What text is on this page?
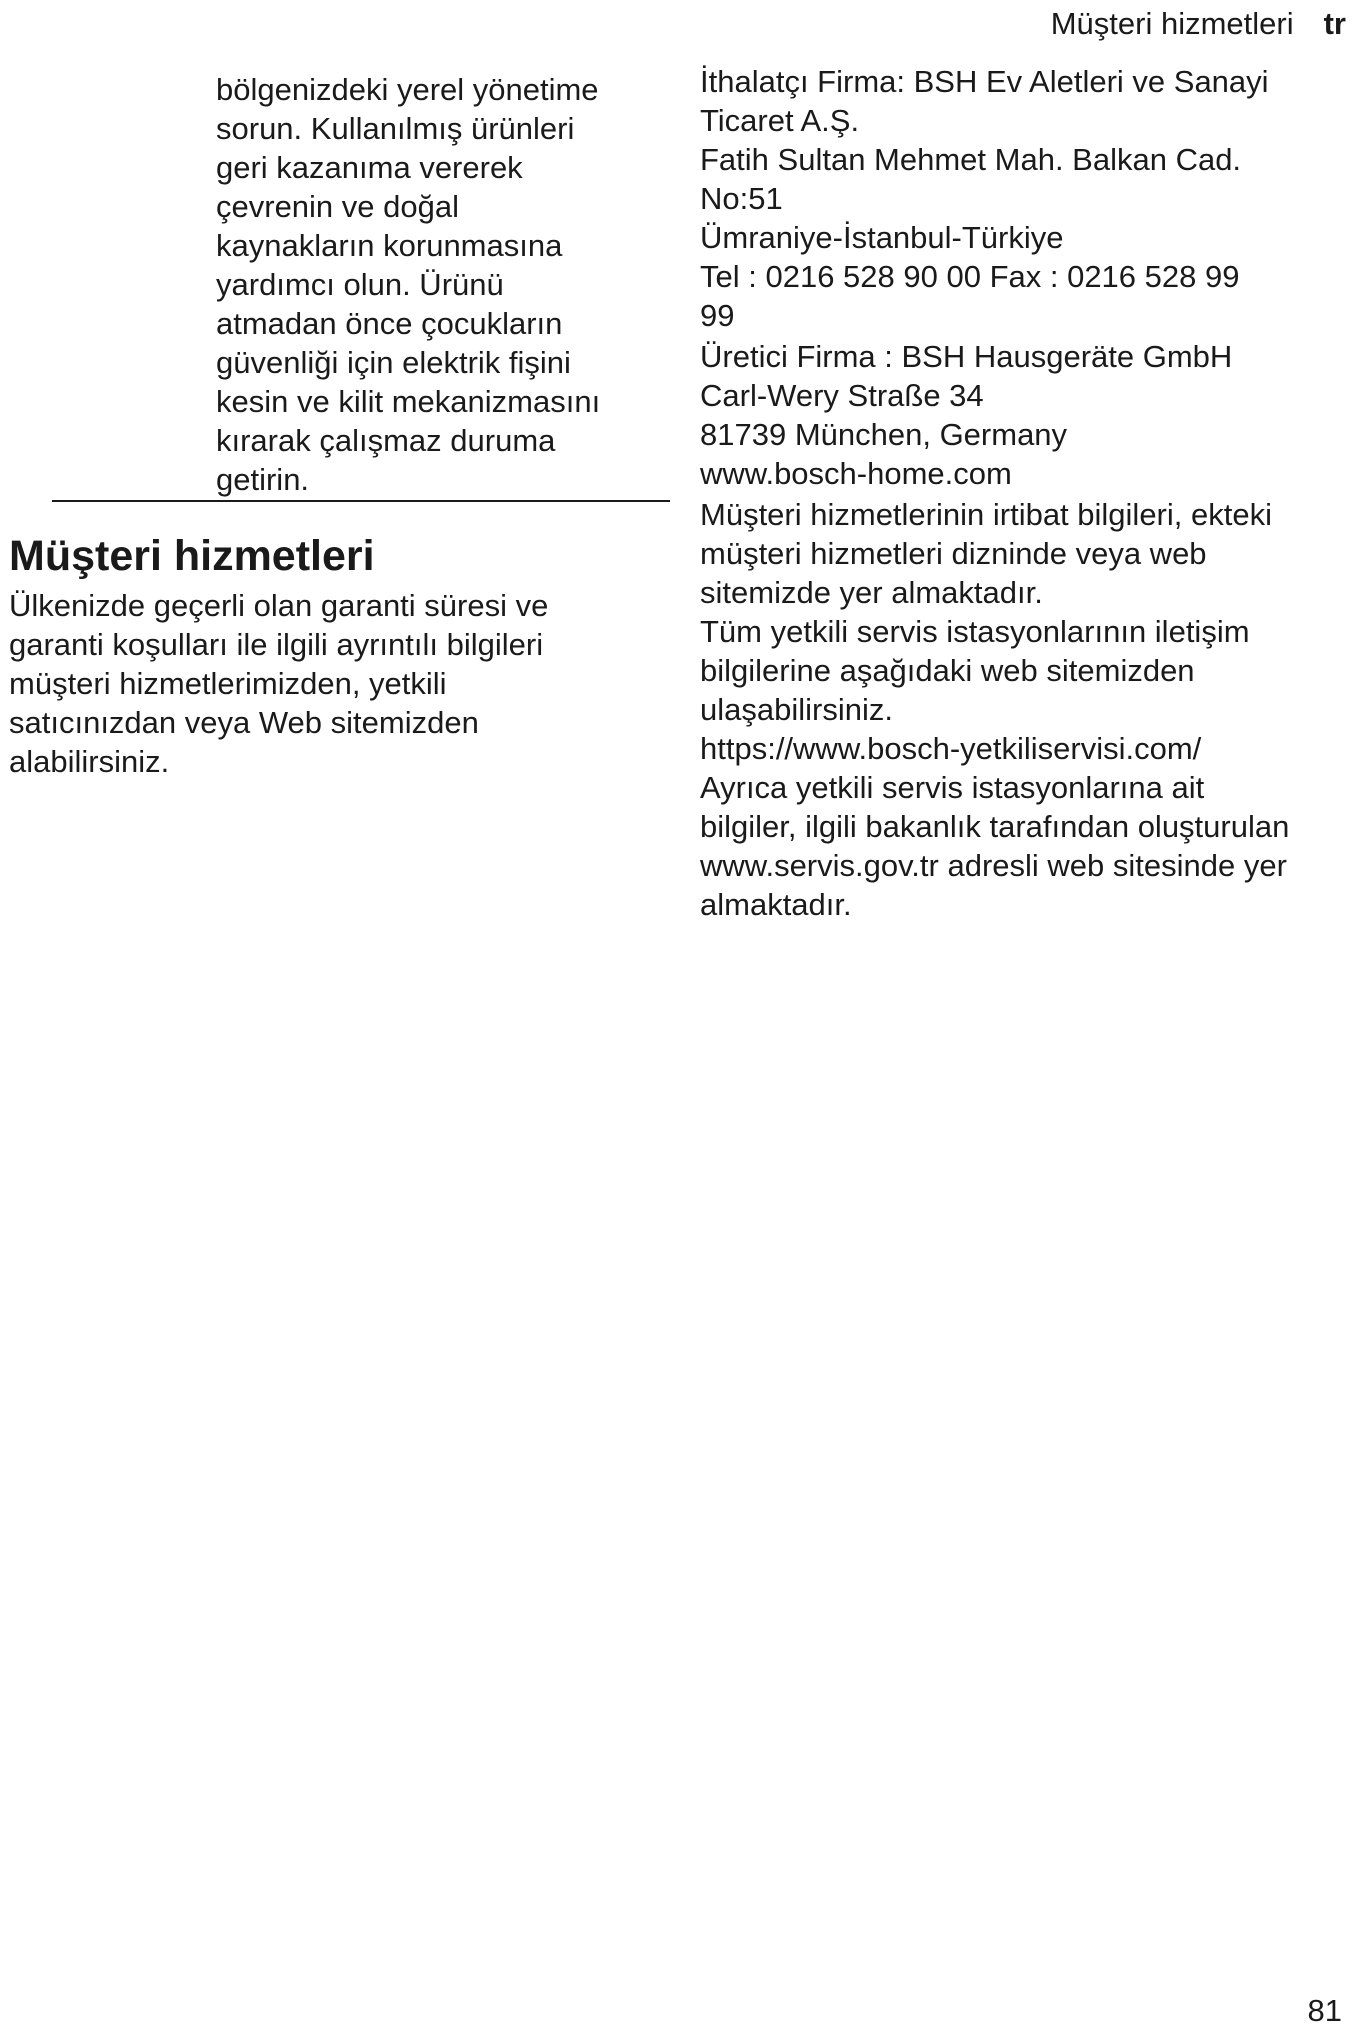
Müşteri hizmetleri tr
bölgenizdeki yerel yönetime
sorun. Kullanılmış ürünleri
geri kazanıma vererek
çevrenin ve doğal
kaynakların korunmasına
yardımcı olun. Ürünü
atmadan önce çocukların
güvenliği için elektrik fişini
kesin ve kilit mekanizmasını
kırarak çalışmaz duruma
getirin.
Müşteri hizmetleri
Ülkenizde geçerli olan garanti süresi ve
garanti koşulları ile ilgili ayrıntılı bilgileri
müşteri hizmetlerimizden, yetkili
satıcınızdan veya Web sitemizden
alabilirsiniz.
İthalatçı Firma: BSH Ev Aletleri ve Sanayi
Ticaret A.Ş.
Fatih Sultan Mehmet Mah. Balkan Cad.
No:51
Ümraniye-İstanbul-Türkiye
Tel : 0216 528 90 00 Fax : 0216 528 99
99
Üretici Firma : BSH Hausgeräte GmbH
Carl-Wery Straße 34
81739 München, Germany
www.bosch-home.com
Müşteri hizmetlerinin irtibat bilgileri, ekteki
müşteri hizmetleri dizninde veya web
sitemizde yer almaktadır.
Tüm yetkili servis istasyonlarının iletişim
bilgilerine aşağıdaki web sitemizden
ulaşabilirsiniz.
https://www.bosch-yetkiliservisi.com/
Ayrıca yetkili servis istasyonlarına ait
bilgiler, ilgili bakanlık tarafından oluşturulan
www.servis.gov.tr adresli web sitesinde yer
almaktadır.
81
